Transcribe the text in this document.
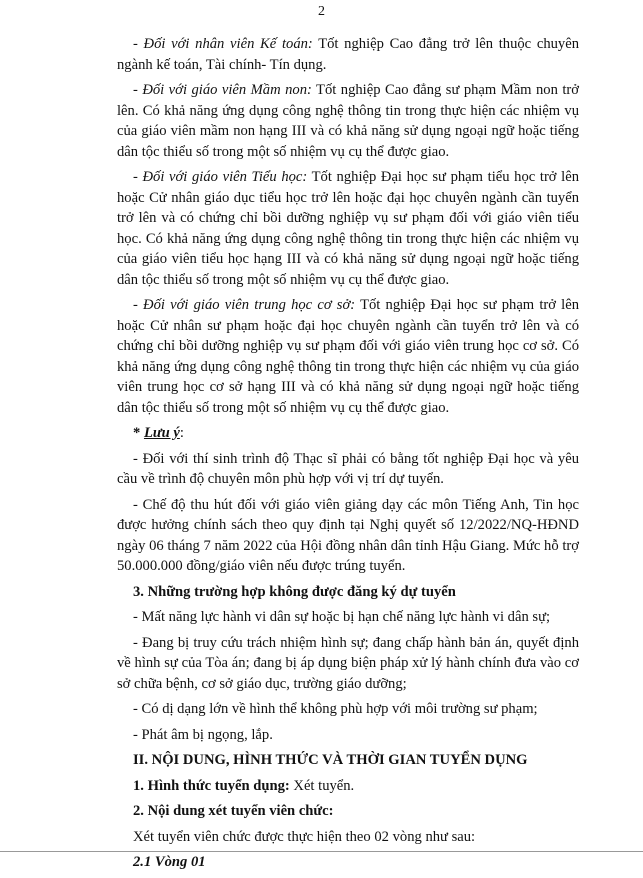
2

- Đối với nhân viên Kế toán: Tốt nghiệp Cao đẳng trở lên thuộc chuyên ngành kế toán, Tài chính- Tín dụng.

- Đối với giáo viên Mầm non: Tốt nghiệp Cao đẳng sư phạm Mầm non trở lên. Có khả năng ứng dụng công nghệ thông tin trong thực hiện các nhiệm vụ của giáo viên mầm non hạng III và có khả năng sử dụng ngoại ngữ hoặc tiếng dân tộc thiểu số trong một số nhiệm vụ cụ thể được giao.

- Đối với giáo viên Tiểu học: Tốt nghiệp Đại học sư phạm tiểu học trở lên hoặc Cử nhân giáo dục tiểu học trở lên hoặc đại học chuyên ngành cần tuyển trở lên và có chứng chỉ bồi dưỡng nghiệp vụ sư phạm đối với giáo viên tiểu học. Có khả năng ứng dụng công nghệ thông tin trong thực hiện các nhiệm vụ của giáo viên tiểu học hạng III và có khả năng sử dụng ngoại ngữ hoặc tiếng dân tộc thiểu số trong một số nhiệm vụ cụ thể được giao.

- Đối với giáo viên trung học cơ sở: Tốt nghiệp Đại học sư phạm trở lên hoặc Cử nhân sư phạm hoặc đại học chuyên ngành cần tuyển trở lên và có chứng chỉ bồi dưỡng nghiệp vụ sư phạm đối với giáo viên trung học cơ sở. Có khả năng ứng dụng công nghệ thông tin trong thực hiện các nhiệm vụ của giáo viên trung học cơ sở hạng III và có khả năng sử dụng ngoại ngữ hoặc tiếng dân tộc thiểu số trong một số nhiệm vụ cụ thể được giao.

* Lưu ý:

- Đối với thí sinh trình độ Thạc sĩ phải có bằng tốt nghiệp Đại học và yêu cầu về trình độ chuyên môn phù hợp với vị trí dự tuyển.

- Chế độ thu hút đối với giáo viên giảng dạy các môn Tiếng Anh, Tin học được hưởng chính sách theo quy định tại Nghị quyết số 12/2022/NQ-HĐND ngày 06 tháng 7 năm 2022 của Hội đồng nhân dân tỉnh Hậu Giang. Mức hỗ trợ 50.000.000 đồng/giáo viên nếu được trúng tuyển.

3. Những trường hợp không được đăng ký dự tuyển

- Mất năng lực hành vi dân sự hoặc bị hạn chế năng lực hành vi dân sự;

- Đang bị truy cứu trách nhiệm hình sự; đang chấp hành bản án, quyết định về hình sự của Tòa án; đang bị áp dụng biện pháp xử lý hành chính đưa vào cơ sở chữa bệnh, cơ sở giáo dục, trường giáo dưỡng;

- Có dị dạng lớn về hình thể không phù hợp với môi trường sư phạm;

- Phát âm bị ngọng, lắp.

II. NỘI DUNG, HÌNH THỨC VÀ THỜI GIAN TUYỂN DỤNG

1. Hình thức tuyển dụng: Xét tuyển.

2. Nội dung xét tuyển viên chức:

Xét tuyển viên chức được thực hiện theo 02 vòng như sau:

2.1 Vòng 01
